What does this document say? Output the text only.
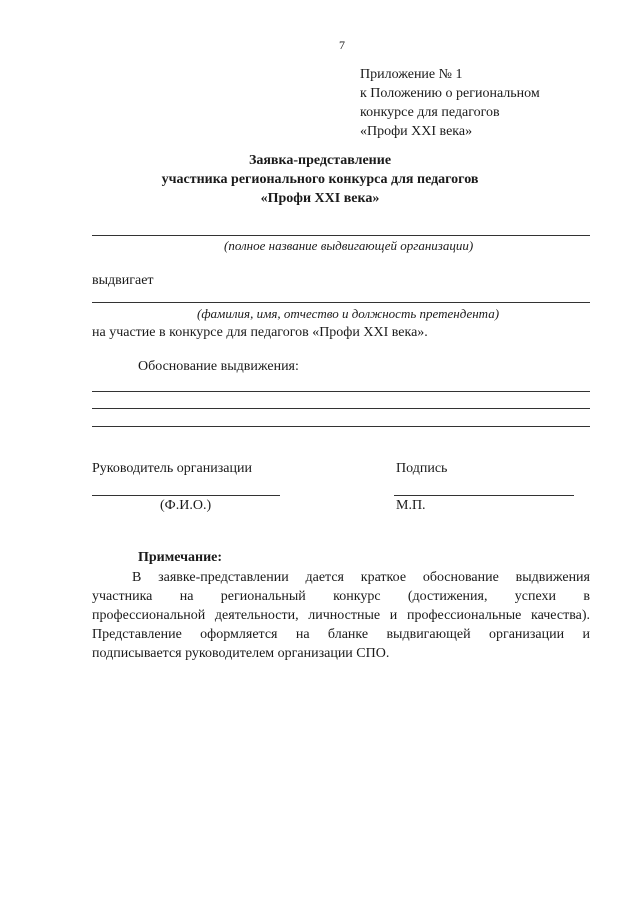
7
Приложение № 1
к Положению о региональном
конкурсе для педагогов
«Профи XXI века»
Заявка-представление
участника регионального конкурса для педагогов
«Профи XXI века»
(полное название выдвигающей организации)
выдвигает
(фамилия, имя, отчество и должность претендента)
на участие в конкурсе для педагогов «Профи XXI века».
Обоснование выдвижения:
Руководитель организации	Подпись
(Ф.И.О.)	М.П.
Примечание:

В заявке-представлении дается краткое обоснование выдвижения

участника на региональный конкурс (достижения, успехи в

профессиональной деятельности, личностные и профессиональные качества).

Представление оформляется на бланке выдвигающей организации и

подписывается руководителем организации СПО.
